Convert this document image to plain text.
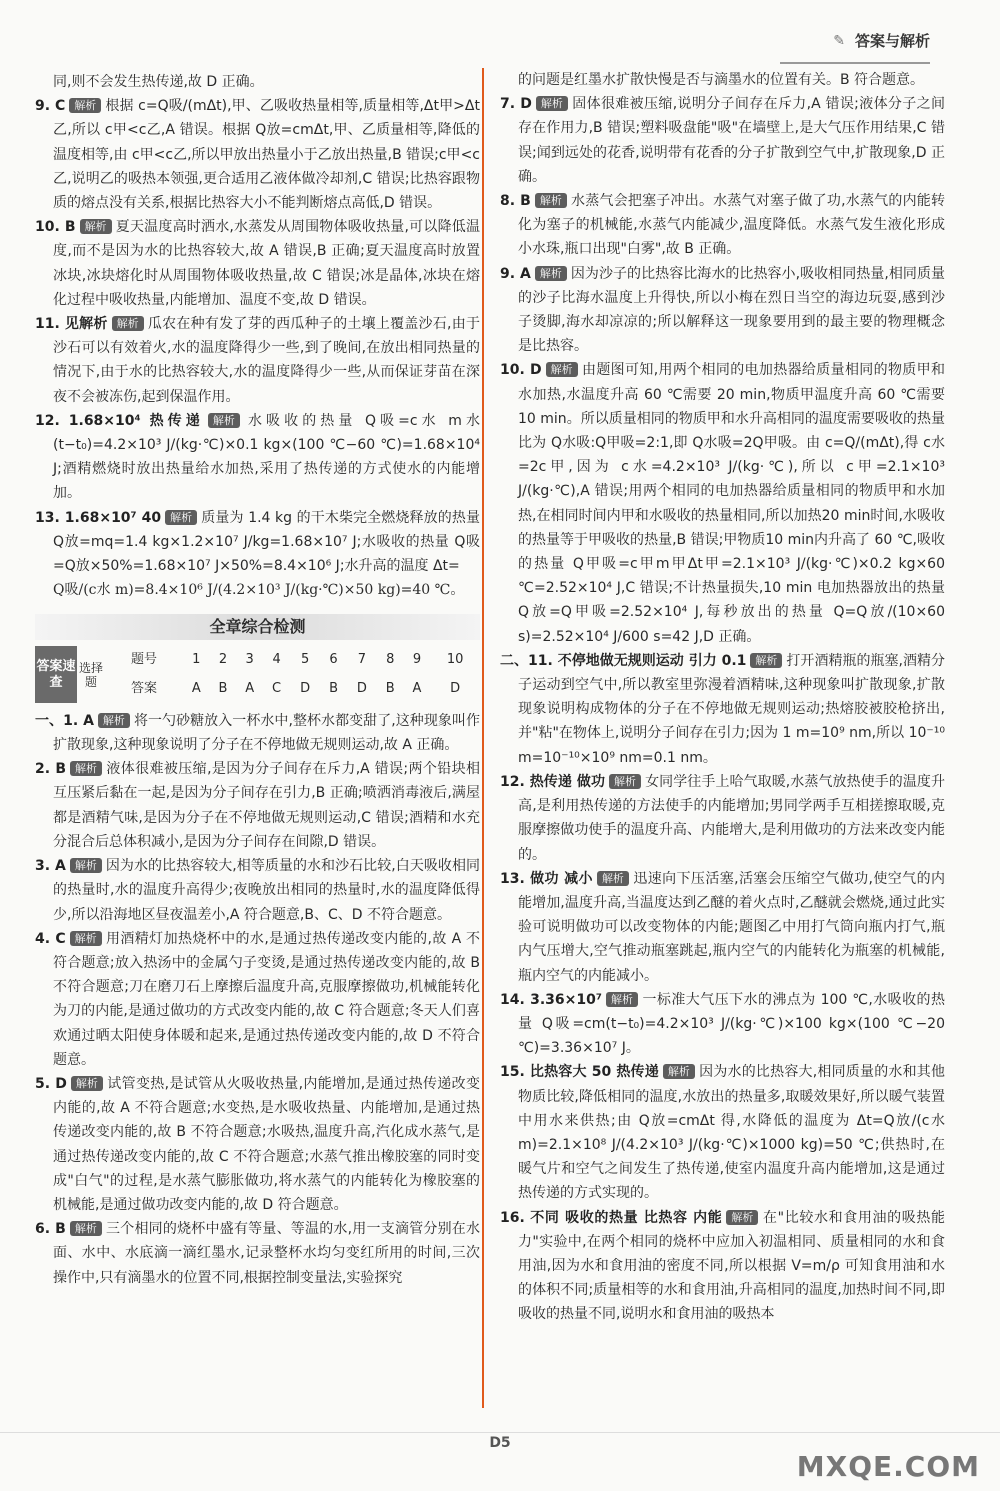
✎ 答案与解析
同,则不会发生热传递,故 D 正确。
9. C 解析 根据 c=Q吸/(mΔt),甲、乙吸收热量相等,质量相等,Δt甲>Δt乙,所以 c甲<c乙,A 错误。根据 Q放=cmΔt,甲、乙质量相等,降低的温度相等,由 c甲<c乙,所以甲放出热量小于乙放出热量,B 错误;c甲<c乙,说明乙的吸热本领强,更合适用乙液体做冷却剂,C 错误;比热容跟物质的熔点没有关系,根据比热容大小不能判断熔点高低,D 错误。
10. B 解析 夏天温度高时洒水,水蒸发从周围物体吸收热量,可以降低温度,而不是因为水的比热容较大,故 A 错误,B 正确;夏天温度高时放置冰块,冰块熔化时从周围物体吸收热量,故 C 错误;冰是晶体,冰块在熔化过程中吸收热量,内能增加、温度不变,故 D 错误。
11. 见解析 解析 瓜农在种有发了芽的西瓜种子的土壤上覆盖沙石,由于沙石可以有效着火,水的温度降得少一些,到了晚间,在放出相同热量的情况下,由于水的比热容较大,水的温度降得少一些,从而保证芽苗在深夜不会被冻伤,起到保温作用。
12. 1.68×10⁴ 热传递 解析 水吸收的热量 Q吸=c水 m水(t−t₀)=4.2×10³ J/(kg·℃)×0.1 kg×(100 ℃−60 ℃)=1.68×10⁴ J;酒精燃烧时放出热量给水加热,采用了热传递的方式使水的内能增加。
13. 1.68×10⁷ 40 解析 质量为 1.4 kg 的干木柴完全燃烧释放的热量 Q放=mq=1.4 kg×1.2×10⁷ J/kg=1.68×10⁷ J;水吸收的热量 Q吸=Q放×50%=1.68×10⁷ J×50%=8.4×10⁶ J;水升高的温度 Δt=
Q吸/(c水 m)=8.4×10⁶ J/(4.2×10³ J/(kg·℃)×50 kg)=40 ℃。
全章综合检测
答案速查	选择题	题号	1	2	3	4	5	6	7	8	9	10
		答案	A	B	A	C	D	B	D	B	A	D
一、1. A 解析 将一勺砂糖放入一杯水中,整杯水都变甜了,这种现象叫作扩散现象,这种现象说明了分子在不停地做无规则运动,故 A 正确。
2. B 解析 液体很难被压缩,是因为分子间存在斥力,A 错误;两个铅块相互压紧后黏在一起,是因为分子间存在引力,B 正确;喷洒消毒液后,满屋都是酒精气味,是因为分子在不停地做无规则运动,C 错误;酒精和水充分混合后总体积减小,是因为分子间存在间隙,D 错误。
3. A 解析 因为水的比热容较大,相等质量的水和沙石比较,白天吸收相同的热量时,水的温度升高得少;夜晚放出相同的热量时,水的温度降低得少,所以沿海地区昼夜温差小,A 符合题意,B、C、D 不符合题意。
4. C 解析 用酒精灯加热烧杯中的水,是通过热传递改变内能的,故 A 不符合题意;放入热汤中的金属勺子变烫,是通过热传递改变内能的,故 B 不符合题意;刀在磨刀石上摩擦后温度升高,克服摩擦做功,机械能转化为刀的内能,是通过做功的方式改变内能的,故 C 符合题意;冬天人们喜欢通过晒太阳使身体暖和起来,是通过热传递改变内能的,故 D 不符合题意。
5. D 解析 试管变热,是试管从火吸收热量,内能增加,是通过热传递改变内能的,故 A 不符合题意;水变热,是水吸收热量、内能增加,是通过热传递改变内能的,故 B 不符合题意;水吸热,温度升高,汽化成水蒸气,是通过热传递改变内能的,故 C 不符合题意;水蒸气推出橡胶塞的同时变成"白气"的过程,是水蒸气膨胀做功,将水蒸气的内能转化为橡胶塞的机械能,是通过做功改变内能的,故 D 符合题意。
6. B 解析 三个相同的烧杯中盛有等量、等温的水,用一支滴管分别在水面、水中、水底滴一滴红墨水,记录整杯水均匀变红所用的时间,三次操作中,只有滴墨水的位置不同,根据控制变量法,实验探究
的问题是红墨水扩散快慢是否与滴墨水的位置有关。B 符合题意。
7. D 解析 固体很难被压缩,说明分子间存在斥力,A 错误;液体分子之间存在作用力,B 错误;塑料吸盘能"吸"在墙壁上,是大气压作用结果,C 错误;闻到远处的花香,说明带有花香的分子扩散到空气中,扩散现象,D 正确。
8. B 解析 水蒸气会把塞子冲出。水蒸气对塞子做了功,水蒸气的内能转化为塞子的机械能,水蒸气内能减少,温度降低。水蒸气发生液化形成小水珠,瓶口出现"白雾",故 B 正确。
9. A 解析 因为沙子的比热容比海水的比热容小,吸收相同热量,相同质量的沙子比海水温度上升得快,所以小梅在烈日当空的海边玩耍,感到沙子烫脚,海水却凉凉的;所以解释这一现象要用到的最主要的物理概念是比热容。
10. D 解析 由题图可知,用两个相同的电加热器给质量相同的物质甲和水加热,水温度升高 60 ℃需要 20 min,物质甲温度升高 60 ℃需要 10 min。所以质量相同的物质甲和水升高相同的温度需要吸收的热量比为 Q水吸:Q甲吸=2:1,即 Q水吸=2Q甲吸。由 c=Q/(mΔt),得 c水=2c甲,因为 c水=4.2×10³ J/(kg·℃),所以 c甲=2.1×10³ J/(kg·℃),A 错误;用两个相同的电加热器给质量相同的物质甲和水加热,在相同时间内甲和水吸收的热量相同,所以加热20 min时间,水吸收的热量等于甲吸收的热量,B 错误;甲物质10 min内升高了 60 ℃,吸收的热量 Q甲吸=c甲m甲Δt甲=2.1×10³ J/(kg·℃)×0.2 kg×60 ℃=2.52×10⁴ J,C 错误;不计热量损失,10 min 电加热器放出的热量 Q放=Q甲吸=2.52×10⁴ J,每秒放出的热量 Q=Q放/(10×60 s)=2.52×10⁴ J/600 s=42 J,D 正确。
二、11. 不停地做无规则运动 引力 0.1 解析 打开酒精瓶的瓶塞,酒精分子运动到空气中,所以教室里弥漫着酒精味,这种现象叫扩散现象,扩散现象说明构成物体的分子在不停地做无规则运动;热熔胶被胶枪挤出,并"粘"在物体上,说明分子间存在引力;因为 1 m=10⁹ nm,所以 10⁻¹⁰ m=10⁻¹⁰×10⁹ nm=0.1 nm。
12. 热传递 做功 解析 女同学往手上哈气取暖,水蒸气放热使手的温度升高,是利用热传递的方法使手的内能增加;男同学两手互相搓擦取暖,克服摩擦做功使手的温度升高、内能增大,是利用做功的方法来改变内能的。
13. 做功 减小 解析 迅速向下压活塞,活塞会压缩空气做功,使空气的内能增加,温度升高,当温度达到乙醚的着火点时,乙醚就会燃烧,通过此实验可说明做功可以改变物体的内能;题图乙中用打气筒向瓶内打气,瓶内气压增大,空气推动瓶塞跳起,瓶内空气的内能转化为瓶塞的机械能,瓶内空气的内能减小。
14. 3.36×10⁷ 解析 一标准大气压下水的沸点为 100 ℃,水吸收的热量 Q吸=cm(t−t₀)=4.2×10³ J/(kg·℃)×100 kg×(100 ℃−20 ℃)=3.36×10⁷ J。
15. 比热容大 50 热传递 解析 因为水的比热容大,相同质量的水和其他物质比较,降低相同的温度,水放出的热量多,取暖效果好,所以暖气装置中用水来供热;由 Q放=cmΔt 得,水降低的温度为 Δt=Q放/(c水 m)=2.1×10⁸ J/(4.2×10³ J/(kg·℃)×1000 kg)=50 ℃;供热时,在暖气片和空气之间发生了热传递,使室内温度升高内能增加,这是通过热传递的方式实现的。
16. 不同 吸收的热量 比热容 内能 解析 在"比较水和食用油的吸热能力"实验中,在两个相同的烧杯中应加入初温相同、质量相同的水和食用油,因为水和食用油的密度不同,所以根据 V=m/ρ 可知食用油和水的体积不同;质量相等的水和食用油,升高相同的温度,加热时间不同,即吸收的热量不同,说明水和食用油的吸热本
D5
MXQE.COM
